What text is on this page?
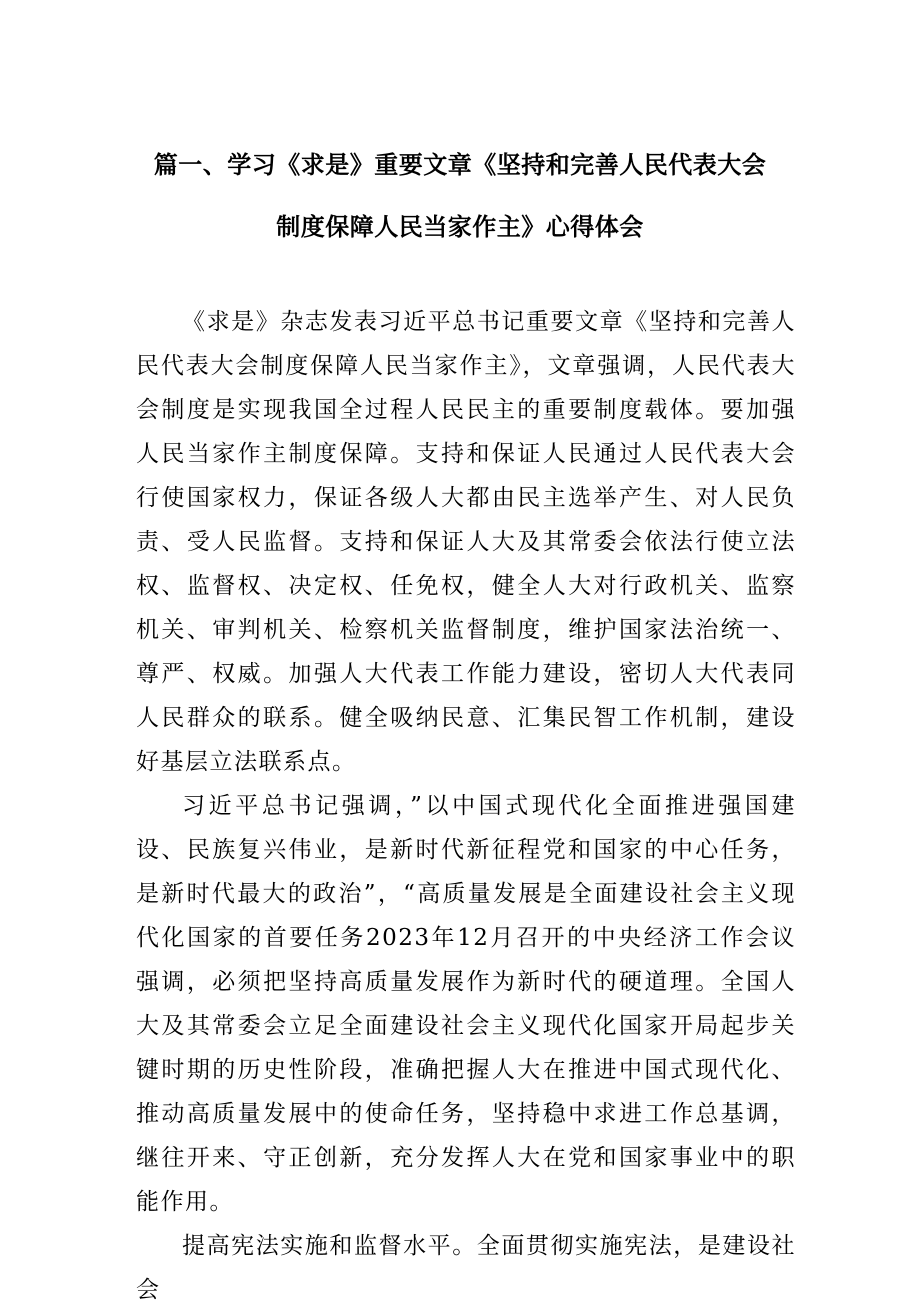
篇一、学习《求是》重要文章《坚持和完善人民代表大会
制度保障人民当家作主》心得体会

《求是》杂志发表习近平总书记重要文章《坚持和完善人民代表大会制度保障人民当家作主》，文章强调，人民代表大会制度是实现我国全过程人民民主的重要制度载体。要加强人民当家作主制度保障。支持和保证人民通过人民代表大会行使国家权力，保证各级人大都由民主选举产生、对人民负责、受人民监督。支持和保证人大及其常委会依法行使立法权、监督权、决定权、任免权，健全人大对行政机关、监察机关、审判机关、检察机关监督制度，维护国家法治统一、尊严、权威。加强人大代表工作能力建设，密切人大代表同人民群众的联系。健全吸纳民意、汇集民智工作机制，建设好基层立法联系点。

习近平总书记强调，”以中国式现代化全面推进强国建设、民族复兴伟业，是新时代新征程党和国家的中心任务，是新时代最大的政治”，“高质量发展是全面建设社会主义现代化国家的首要任务2023年12月召开的中央经济工作会议强调，必须把坚持高质量发展作为新时代的硬道理。全国人大及其常委会立足全面建设社会主义现代化国家开局起步关键时期的历史性阶段，准确把握人大在推进中国式现代化、推动高质量发展中的使命任务，坚持稳中求进工作总基调，继往开来、守正创新，充分发挥人大在党和国家事业中的职能作用。

提高宪法实施和监督水平。全面贯彻实施宪法，是建设社会
